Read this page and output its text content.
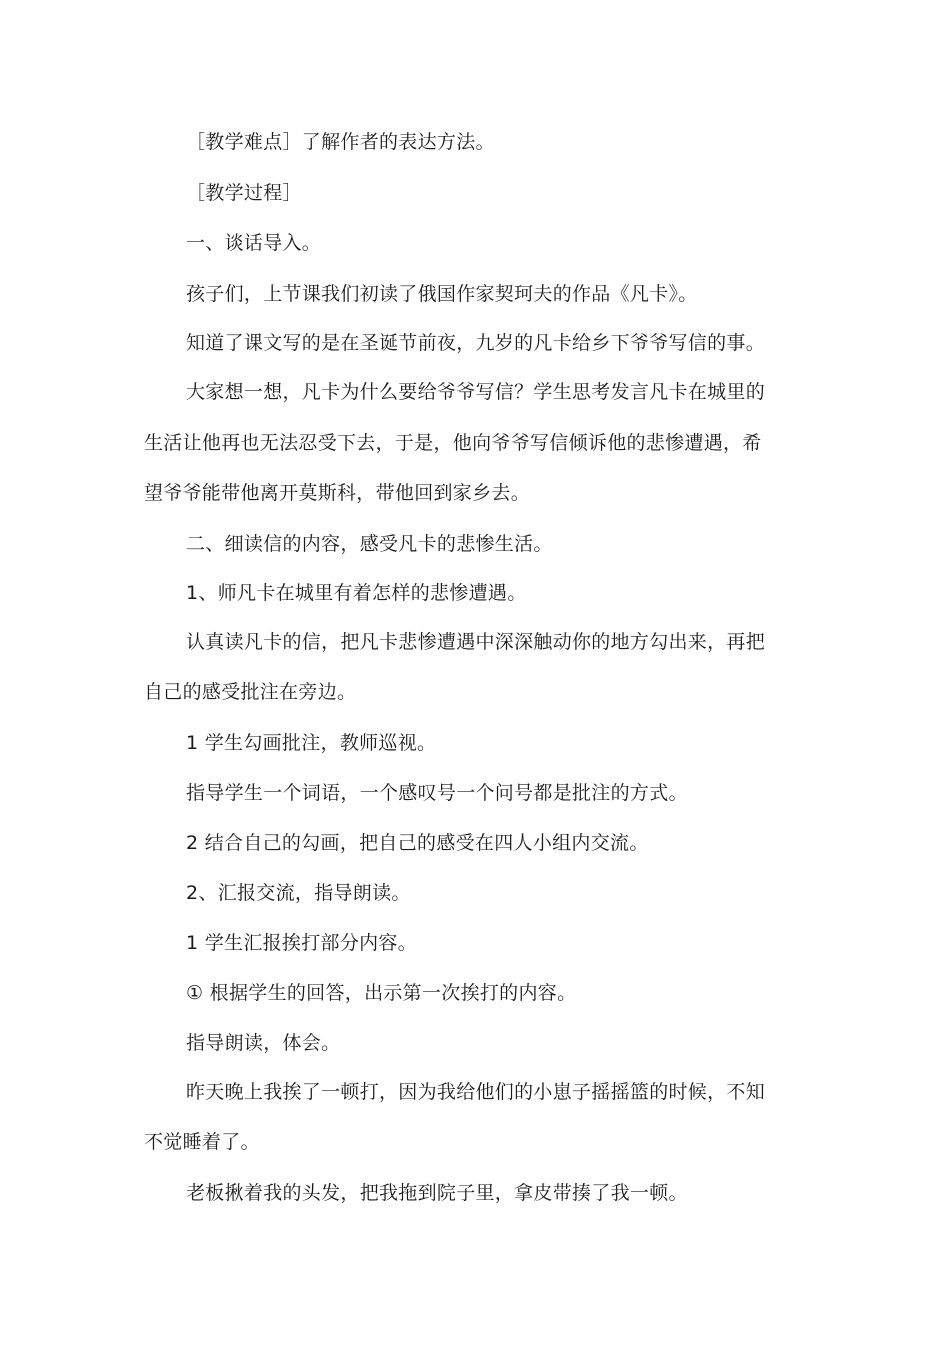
［教学难点］了解作者的表达方法。
［教学过程］
一、谈话导入。
孩子们，上节课我们初读了俄国作家契珂夫的作品《凡卡》。
知道了课文写的是在圣诞节前夜，九岁的凡卡给乡下爷爷写信的事。
大家想一想，凡卡为什么要给爷爷写信？学生思考发言凡卡在城里的
生活让他再也无法忍受下去，于是，他向爷爷写信倾诉他的悲惨遭遇，希
望爷爷能带他离开莫斯科，带他回到家乡去。
二、细读信的内容，感受凡卡的悲惨生活。
1、师凡卡在城里有着怎样的悲惨遭遇。
认真读凡卡的信，把凡卡悲惨遭遇中深深触动你的地方勾出来，再把
自己的感受批注在旁边。
1 学生勾画批注，教师巡视。
指导学生一个词语，一个感叹号一个问号都是批注的方式。
2 结合自己的勾画，把自己的感受在四人小组内交流。
2、汇报交流，指导朗读。
1 学生汇报挨打部分内容。
① 根据学生的回答，出示第一次挨打的内容。
指导朗读，体会。
昨天晚上我挨了一顿打，因为我给他们的小崽子摇摇篮的时候，不知
不觉睡着了。
老板揪着我的头发，把我拖到院子里，拿皮带揍了我一顿。
